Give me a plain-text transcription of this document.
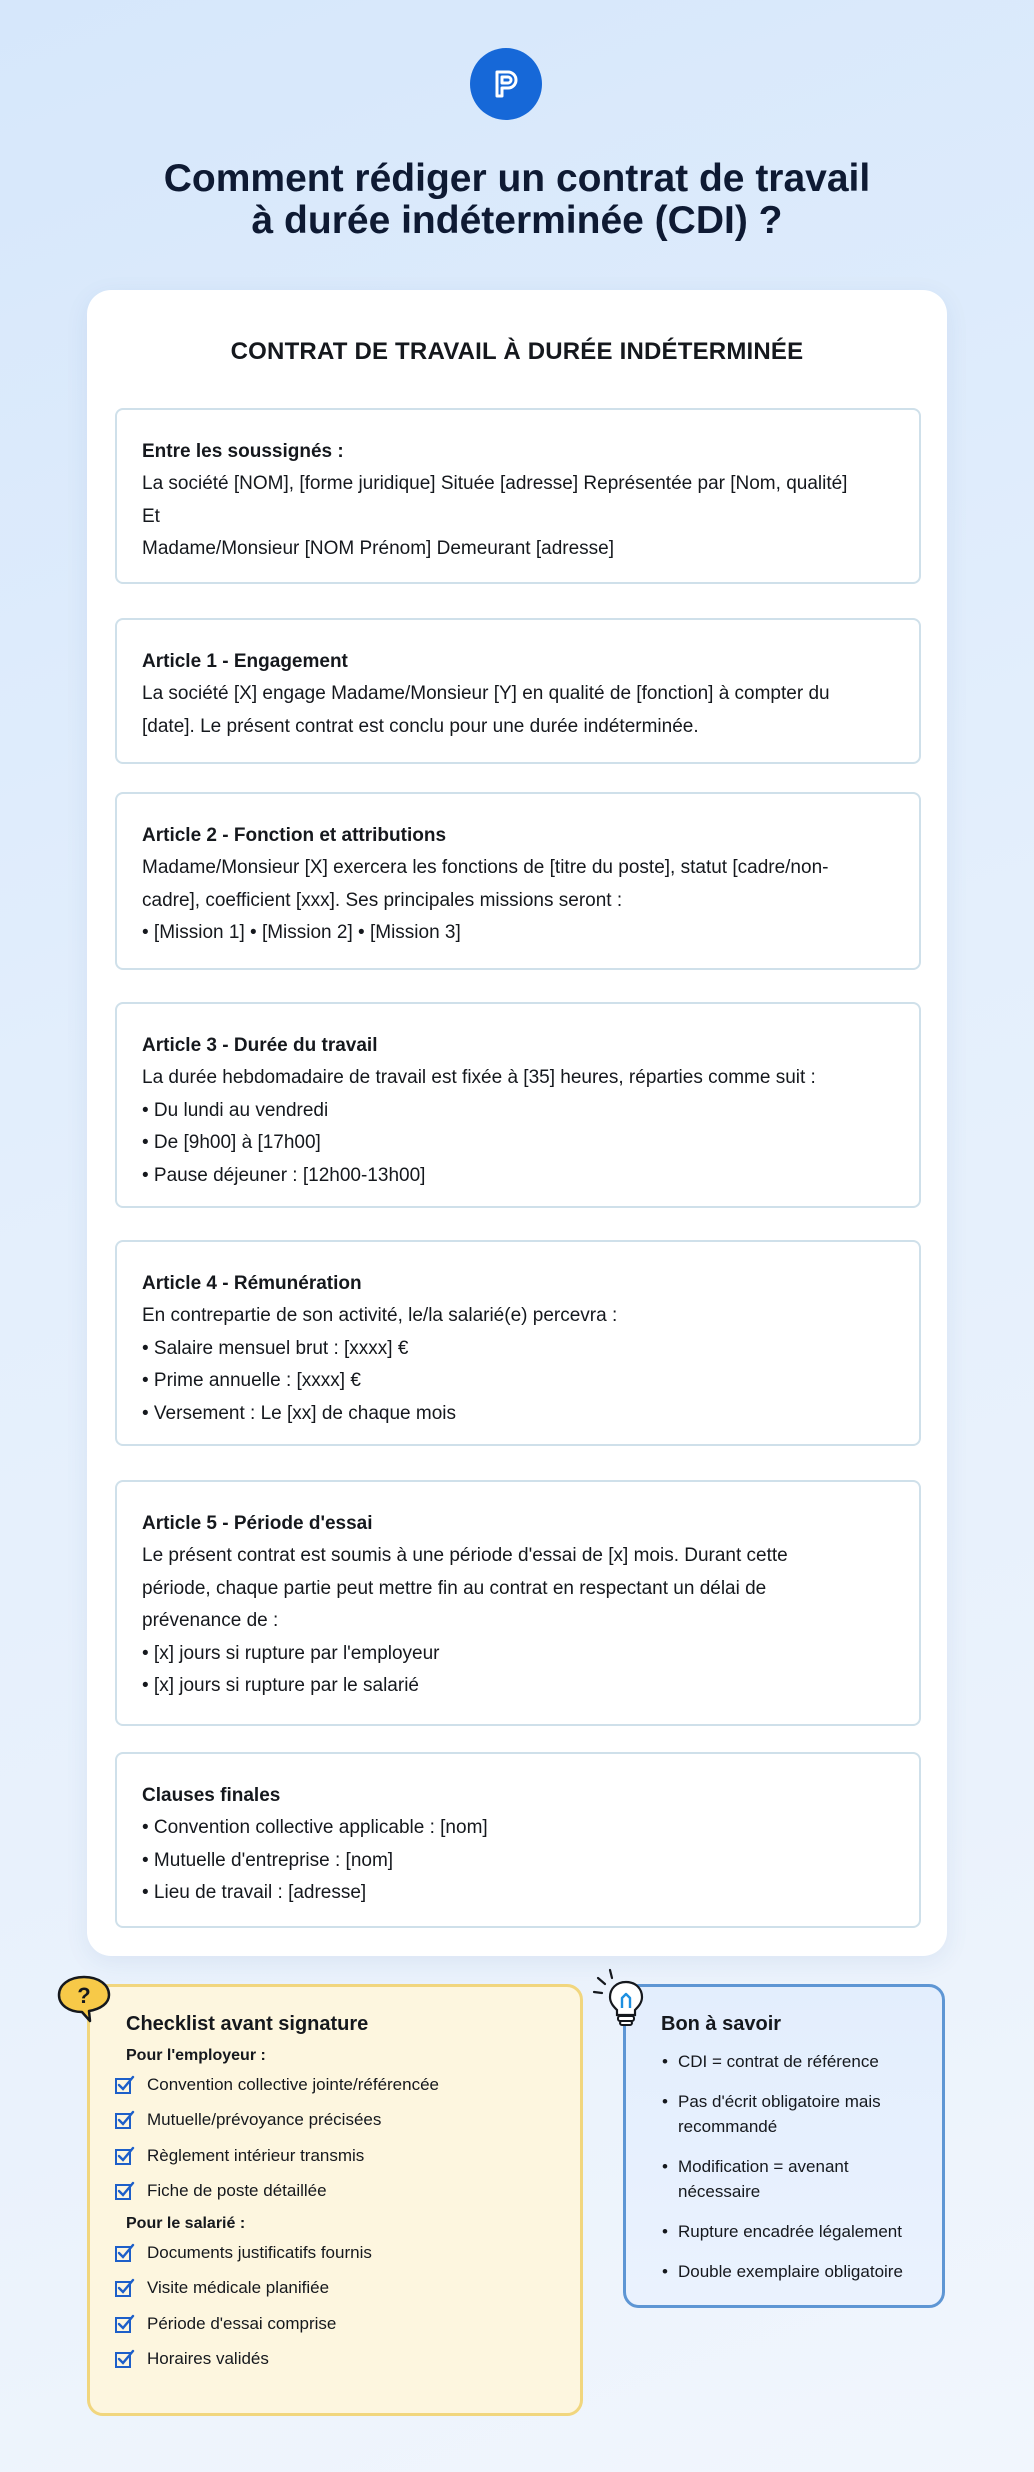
Comment rédiger un contrat de travail
à durée indéterminée (CDI) ?
CONTRAT DE TRAVAIL À DURÉE INDÉTERMINÉE
Entre les soussignés :
La société [NOM], [forme juridique] Située [adresse] Représentée par [Nom, qualité]
Et
Madame/Monsieur [NOM Prénom] Demeurant [adresse]
Article 1 - Engagement
La société [X] engage Madame/Monsieur [Y] en qualité de [fonction] à compter du
[date]. Le présent contrat est conclu pour une durée indéterminée.
Article 2 - Fonction et attributions
Madame/Monsieur [X] exercera les fonctions de [titre du poste], statut [cadre/non-
cadre], coefficient [xxx]. Ses principales missions seront :
• [Mission 1] • [Mission 2] • [Mission 3]
Article 3 - Durée du travail
La durée hebdomadaire de travail est fixée à [35] heures, réparties comme suit :
• Du lundi au vendredi
• De [9h00] à [17h00]
• Pause déjeuner : [12h00-13h00]
Article 4 - Rémunération
En contrepartie de son activité, le/la salarié(e) percevra :
• Salaire mensuel brut : [xxxx] €
• Prime annuelle : [xxxx] €
• Versement : Le [xx] de chaque mois
Article 5 - Période d'essai
Le présent contrat est soumis à une période d'essai de [x] mois. Durant cette
période, chaque partie peut mettre fin au contrat en respectant un délai de
prévenance de :
• [x] jours si rupture par l'employeur
• [x] jours si rupture par le salarié
Clauses finales
• Convention collective applicable : [nom]
• Mutuelle d'entreprise : [nom]
• Lieu de travail : [adresse]
Checklist avant signature
Pour l'employeur :
Convention collective jointe/référencée
Mutuelle/prévoyance précisées
Règlement intérieur transmis
Fiche de poste détaillée
Pour le salarié :
Documents justificatifs fournis
Visite médicale planifiée
Période d'essai comprise
Horaires validés
?
Bon à savoir
• CDI = contrat de référence
• Pas d'écrit obligatoire mais recommandé
• Modification = avenant nécessaire
• Rupture encadrée légalement
• Double exemplaire obligatoire
